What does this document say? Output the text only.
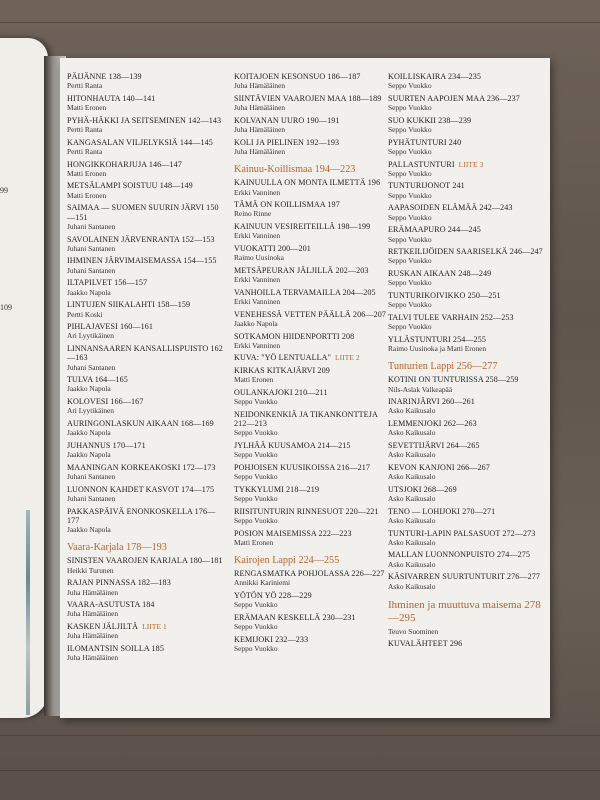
99
109
PÄIJÄNNE 138—139
Pertti Ranta
HITONHAUTA 140—141
Matti Eronen
PYHÄ-HÄKKI JA SEITSEMINEN 142—143
Pertti Ranta
KANGASALAN VILJELYKSIÄ 144—145
Pertti Ranta
HONGIKKOHARJUJA 146—147
Matti Eronen
METSÄLAMPI SOISTUU 148—149
Matti Eronen
SAIMAA — SUOMEN SUURIN JÄRVI 150—151
Juhani Santanen
SAVOLAINEN JÄRVENRANTA 152—153
Juhani Santanen
IHMINEN JÄRVIMAISEMASSA 154—155
Juhani Santanen
ILTAPILVET 156—157
Jaakko Napola
LINTUJEN SIIKALAHTI 158—159
Pertti Koski
PIHLAJAVESI 160—161
Ari Lyytikäinen
LINNANSAAREN KANSALLISPUISTO 162—163
Juhani Santanen
TULVA 164—165
Jaakko Napola
KOLOVESI 166—167
Ari Lyytikäinen
AURINGONLASKUN AIKAAN 168—169
Jaakko Napola
JUHANNUS 170—171
Jaakko Napola
MAANINGAN KORKEAKOSKI 172—173
Juhani Santanen
LUONNON KAHDET KASVOT 174—175
Juhani Santanen
PAKKASPÄIVÄ ENONKOSKELLA 176—177
Jaakko Napola
Vaara-Karjala 178—193
SINISTEN VAAROJEN KARJALA 180—181
Heikki Turunen
RAJAN PINNASSA 182—183
Juha Hämäläinen
VAARA-ASUTUSTA 184
Juha Hämäläinen
KASKEN JÄLJILTÄ LIITE 1
Juha Hämäläinen
ILOMANTSIN SOILLA 185
Juha Hämäläinen
KOITAJOEN KESONSUO 186—187
Juha Hämäläinen
SIINTÄVIEN VAAROJEN MAA 188—189
Juha Hämäläinen
KOLVANAN UURO 190—191
Juha Hämäläinen
KOLI JA PIELINEN 192—193
Juha Hämäläinen
Kainuu-Koillismaa 194—223
KAINUULLA ON MONTA ILMETTÄ 196
Erkki Vanninen
TÄMÄ ON KOILLISMAA 197
Reino Rinne
KAINUUN VESIREITEILLÄ 198—199
Erkki Vanninen
VUOKATTI 200—201
Raimo Uusinoka
METSÄPEURAN JÄLJILLÄ 202—203
Erkki Vanninen
VANHOILLA TERVAMAILLA 204—205
Erkki Vanninen
VENEHESSÄ VETTEN PÄÄLLÄ 206—207
Jaakko Napola
SOTKAMON HIIDENPORTTI 208
Erkki Vanninen
KUVA: "YÖ LENTUALLA" LIITE 2
KIRKAS KITKAJÄRVI 209
Matti Eronen
OULANKAJOKI 210—211
Seppo Vuokko
NEIDONKENKIÄ JA TIKANKONTTEJA 212—213
Seppo Vuokko
JYLHÄÄ KUUSAMOA 214—215
Seppo Vuokko
POHJOISEN KUUSIKOISSA 216—217
Seppo Vuokko
TYKKYLUMI 218—219
Seppo Vuokko
RIISITUNTURIN RINNESUOT 220—221
Seppo Vuokko
POSION MAISEMISSA 222—223
Matti Eronen
Kairojen Lappi 224—255
RENGASMATKA POHJOLASSA 226—227
Annikki Kariniemi
YÖTÖN YÖ 228—229
Seppo Vuokko
ERÄMAAN KESKELLÄ 230—231
Seppo Vuokko
KEMIJOKI 232—233
Seppo Vuokko
KOILLISKAIRA 234—235
Seppo Vuokko
SUURTEN AAPOJEN MAA 236—237
Seppo Vuokko
SUO KUKKII 238—239
Seppo Vuokko
PYHÄTUNTURI 240
Seppo Vuokko
PALLASTUNTURI LIITE 3
Seppo Vuokko
TUNTURIJONOT 241
Seppo Vuokko
AAPASOIDEN ELÄMÄÄ 242—243
Seppo Vuokko
ERÄMAAPURO 244—245
Seppo Vuokko
RETKEILIJÖIDEN SAARISELKÄ 246—247
Seppo Vuokko
RUSKAN AIKAAN 248—249
Seppo Vuokko
TUNTURIKOIVIKKO 250—251
Seppo Vuokko
TALVI TULEE VARHAIN 252—253
Seppo Vuokko
YLLÄSTUNTURI 254—255
Raimo Uusinoka ja Matti Eronen
Tunturien Lappi 256—277
KOTINI ON TUNTURISSA 258—259
Nils-Aslak Valkeapää
INARINJÄRVI 260—261
Asko Kaikusalo
LEMMENJOKI 262—263
Asko Kaikusalo
SEVETTIJÄRVI 264—265
Asko Kaikusalo
KEVON KANJONI 266—267
Asko Kaikusalo
UTSJOKI 268—269
Asko Kaikusalo
TENO — LOHIJOKI 270—271
Asko Kaikusalo
TUNTURI-LAPIN PALSASUOT 272—273
Asko Kaikusalo
MALLAN LUONNONPUISTO 274—275
Asko Kaikusalo
KÄSIVARREN SUURTUNTURIT 276—277
Asko Kaikusalo
Ihminen ja muuttuva maisema 278—295
Teuvo Suominen
KUVALÄHTEET 296
